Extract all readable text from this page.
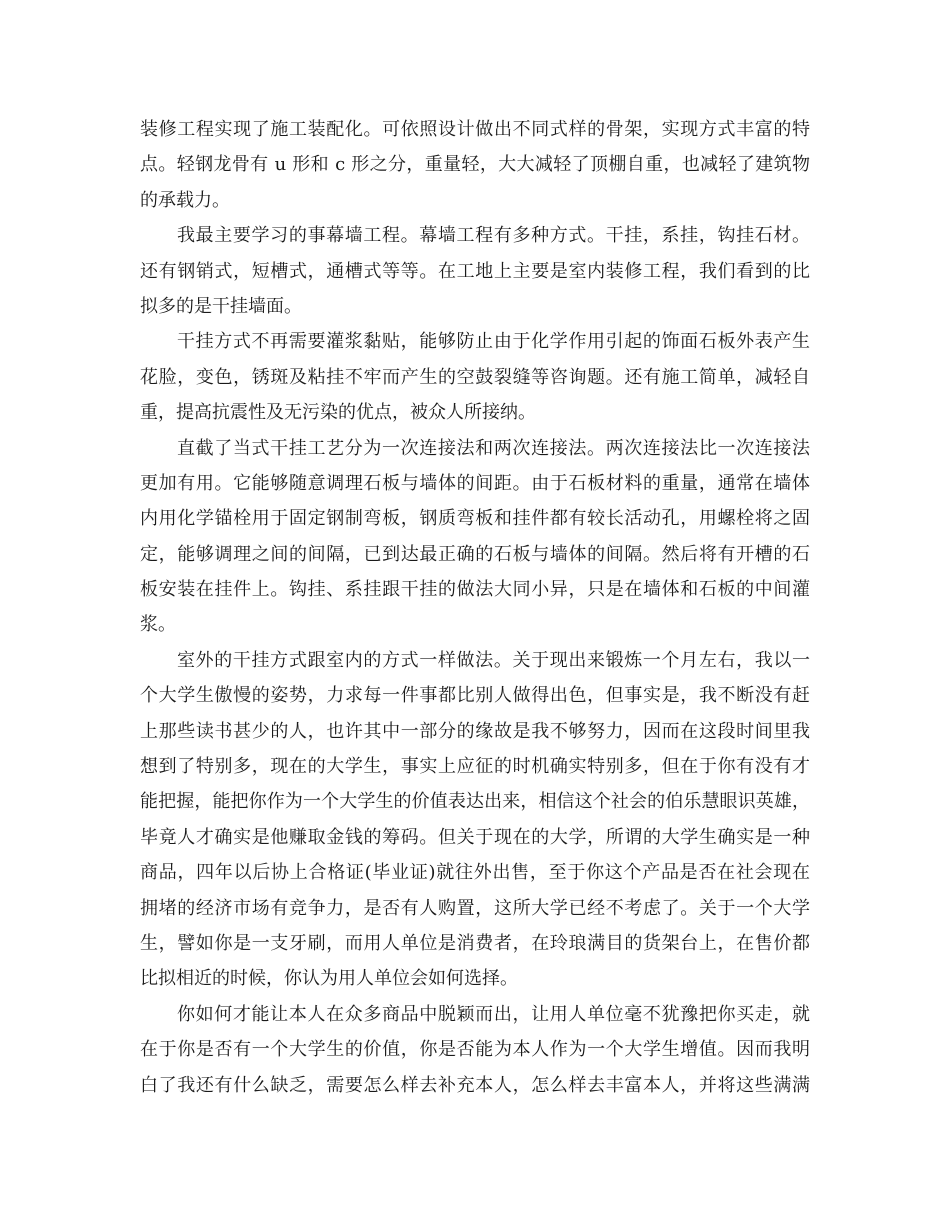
装修工程实现了施工装配化。可依照设计做出不同式样的骨架，实现方式丰富的特
点。轻钢龙骨有 u 形和 c 形之分，重量轻，大大减轻了顶棚自重，也减轻了建筑物
的承载力。
我最主要学习的事幕墙工程。幕墙工程有多种方式。干挂，系挂，钩挂石材。
还有钢销式，短槽式，通槽式等等。在工地上主要是室内装修工程，我们看到的比
拟多的是干挂墙面。
干挂方式不再需要灌浆黏贴，能够防止由于化学作用引起的饰面石板外表产生
花脸，变色，锈斑及粘挂不牢而产生的空鼓裂缝等咨询题。还有施工简单，减轻自
重，提高抗震性及无污染的优点，被众人所接纳。
直截了当式干挂工艺分为一次连接法和两次连接法。两次连接法比一次连接法
更加有用。它能够随意调理石板与墙体的间距。由于石板材料的重量，通常在墙体
内用化学锚栓用于固定钢制弯板，钢质弯板和挂件都有较长活动孔，用螺栓将之固
定，能够调理之间的间隔，已到达最正确的石板与墙体的间隔。然后将有开槽的石
板安装在挂件上。钩挂、系挂跟干挂的做法大同小异，只是在墙体和石板的中间灌
浆。
室外的干挂方式跟室内的方式一样做法。关于现出来锻炼一个月左右，我以一
个大学生傲慢的姿势，力求每一件事都比别人做得出色，但事实是，我不断没有赶
上那些读书甚少的人，也许其中一部分的缘故是我不够努力，因而在这段时间里我
想到了特别多，现在的大学生，事实上应征的时机确实特别多，但在于你有没有才
能把握，能把你作为一个大学生的价值表达出来，相信这个社会的伯乐慧眼识英雄，
毕竟人才确实是他赚取金钱的筹码。但关于现在的大学，所谓的大学生确实是一种
商品，四年以后协上合格证(毕业证)就往外出售，至于你这个产品是否在社会现在
拥堵的经济市场有竞争力，是否有人购置，这所大学已经不考虑了。关于一个大学
生，譬如你是一支牙刷，而用人单位是消费者，在玲琅满目的货架台上，在售价都
比拟相近的时候，你认为用人单位会如何选择。
你如何才能让本人在众多商品中脱颖而出，让用人单位毫不犹豫把你买走，就
在于你是否有一个大学生的价值，你是否能为本人作为一个大学生增值。因而我明
白了我还有什么缺乏，需要怎么样去补充本人，怎么样去丰富本人，并将这些满满
